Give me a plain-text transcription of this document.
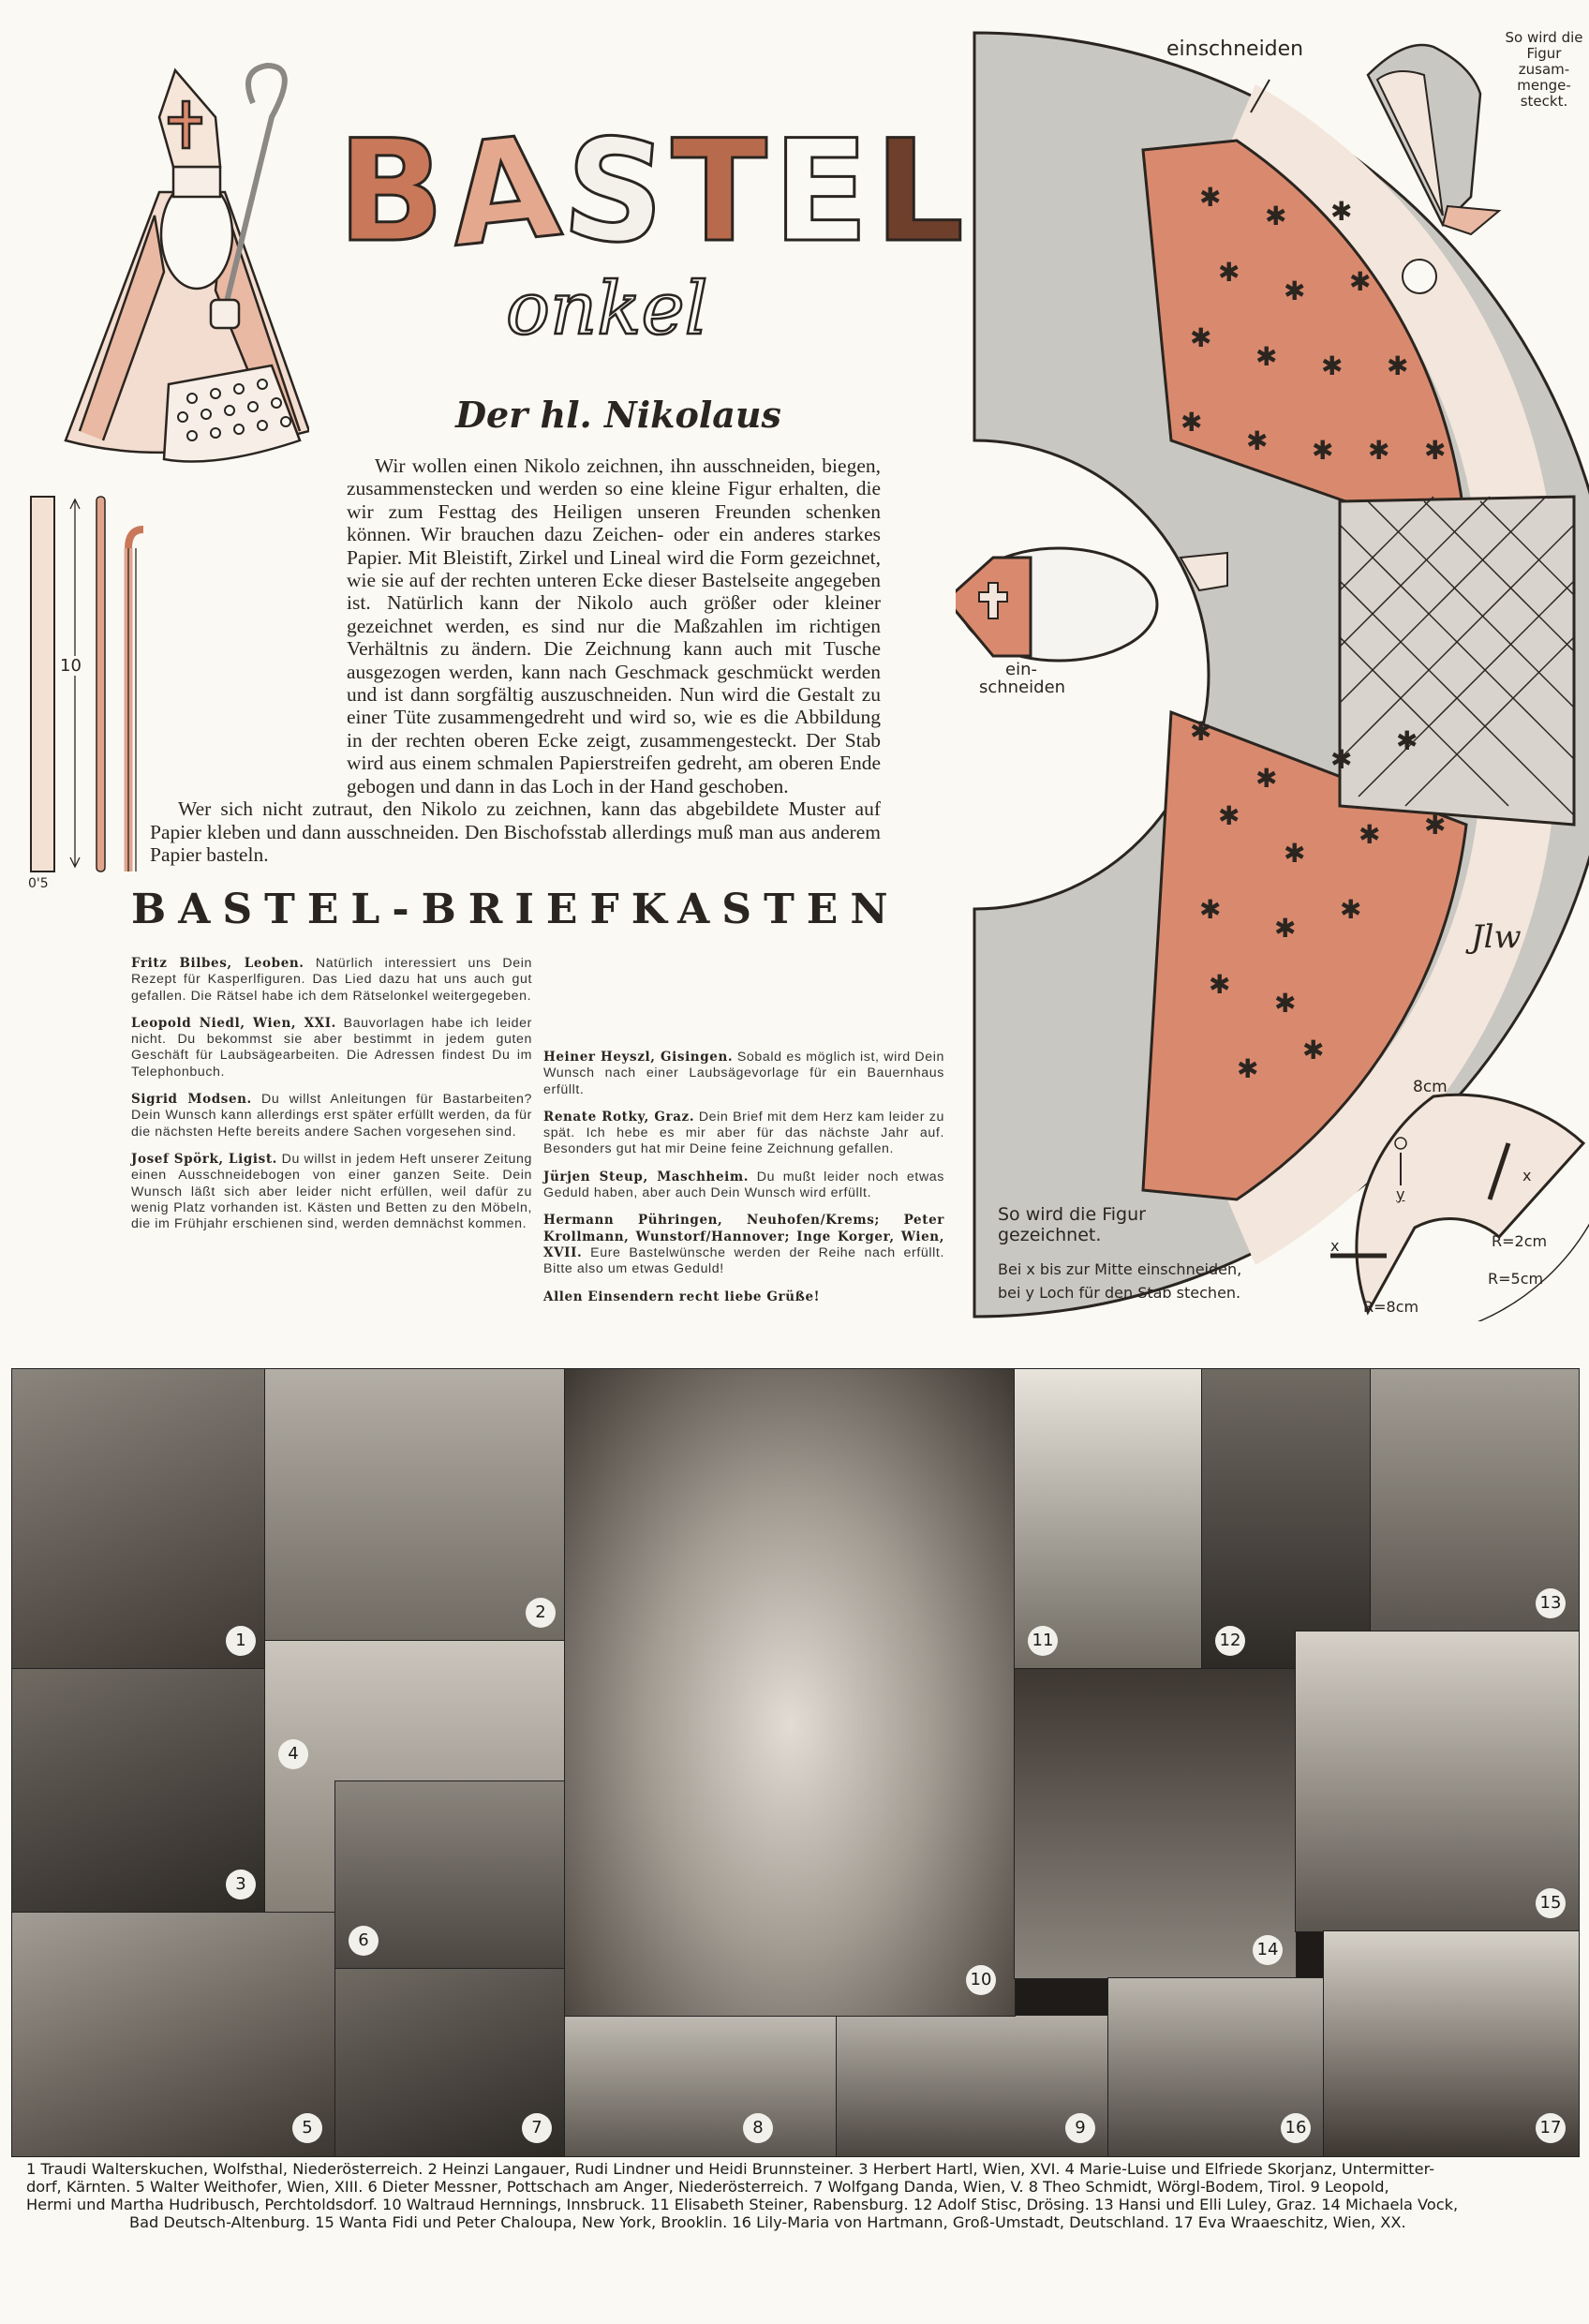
B
A
S
T E L
onkel
Der hl. Nikolaus

Wir wollen einen Nikolo zeichnen, ihn ausschneiden, biegen, zusammenstecken und werden so eine kleine Figur erhalten, die wir zum Festtag des Heiligen unseren Freunden schenken können. Wir brauchen dazu Zeichen- oder ein anderes starkes Papier. Mit Bleistift, Zirkel und Lineal wird die Form gezeichnet, wie sie auf der rechten unteren Ecke dieser Bastelseite angegeben ist. Natürlich kann der Nikolo auch größer oder kleiner gezeichnet werden, es sind nur die Maßzahlen im richtigen Verhältnis zu ändern. Die Zeichnung kann auch mit Tusche ausgezogen werden, kann nach Geschmack geschmückt werden und ist dann sorgfältig auszuschneiden. Nun wird die Gestalt zu einer Tüte zusammengedreht und wird so, wie es die Abbildung in der rechten oberen Ecke zeigt, zusammengesteckt. Der Stab wird aus einem schmalen Papierstreifen gedreht, am oberen Ende gebogen und dann in das Loch in der Hand geschoben.

Wer sich nicht zutraut, den Nikolo zu zeichnen, kann das abgebildete Muster auf Papier kleben und dann ausschneiden. Den Bischofsstab allerdings muß man aus anderem Papier basteln.

10
0'5
BASTEL-BRIEFKASTEN

Fritz Bilbes, Leoben. Natürlich interessiert uns Dein Rezept für Kasperlfiguren. Das Lied dazu hat uns auch gut gefallen. Die Rätsel habe ich dem Rätselonkel weitergegeben.

Leopold Niedl, Wien, XXI. Bauvorlagen habe ich leider nicht. Du bekommst sie aber bestimmt in jedem guten Geschäft für Laubsägearbeiten. Die Adressen findest Du im Telephonbuch.

Sigrid Modsen. Du willst Anleitungen für Bastarbeiten? Dein Wunsch kann allerdings erst später erfüllt werden, da für die nächsten Hefte bereits andere Sachen vorgesehen sind.

Josef Spörk, Ligist. Du willst in jedem Heft unserer Zeitung einen Ausschneidebogen von einer ganzen Seite. Dein Wunsch läßt sich aber leider nicht erfüllen, weil dafür zu wenig Platz vorhanden ist. Kästen und Betten zu den Möbeln, die im Frühjahr erschienen sind, werden demnächst kommen.

Heiner Heyszl, Gisingen. Sobald es möglich ist, wird Dein Wunsch nach einer Laubsägevorlage für ein Bauernhaus erfüllt.

Renate Rotky, Graz. Dein Brief mit dem Herz kam leider zu spät. Ich hebe es mir aber für das nächste Jahr auf. Besonders gut hat mir Deine feine Zeichnung gefallen.

Jürjen Steup, Maschheim. Du mußt leider noch etwas Geduld haben, aber auch Dein Wunsch wird erfüllt.

Hermann Pühringen, Neuhofen/Krems; Peter Krollmann, Wunstorf/Hannover; Inge Korger, Wien, XVII. Eure Bastelwünsche werden der Reihe nach erfüllt. Bitte also um etwas Geduld!

Allen Einsendern recht liebe Grüße!

✱
✱ ✱
✱
✱ ✱
✱
✱ ✱ ✱
✱
✱ ✱ ✱ ✱
✱
✱
✱
✱
✱
✱
✱ ✱
✱
✱
✱
✱
✱
✱
✱
einschneiden	So wird die Figur zusam-menge-steckt.
ein-
schneiden
Jlw
So wird die Figur gezeichnet.
Bei x bis zur Mitte einschneiden,
bei y Loch für den Stab stechen.
8cm
R=2cm
R=5cm
R=8cm
x
x
y
1
2
3
4
5
6
7	8	9
10
11	12
13
14
15
16	17
1 Traudi Walterskuchen, Wolfsthal, Niederösterreich. 2 Heinzi Langauer, Rudi Lindner und Heidi Brunnsteiner. 3 Herbert Hartl, Wien, XVI. 4 Marie-Luise und Elfriede Skorjanz, Untermitter-
dorf, Kärnten. 5 Walter Weithofer, Wien, XIII. 6 Dieter Messner, Pottschach am Anger, Niederösterreich. 7 Wolfgang Danda, Wien, V. 8 Theo Schmidt, Wörgl-Bodem, Tirol. 9 Leopold,
Hermi und Martha Hudribusch, Perchtoldsdorf. 10 Waltraud Hernnings, Innsbruck. 11 Elisabeth Steiner, Rabensburg. 12 Adolf Stisc, Drösing. 13 Hansi und Elli Luley, Graz. 14 Michaela Vock,
Bad Deutsch-Altenburg. 15 Wanta Fidi und Peter Chaloupa, New York, Brooklin. 16 Lily-Maria von Hartmann, Groß-Umstadt, Deutschland. 17 Eva Wraaeschitz, Wien, XX.
